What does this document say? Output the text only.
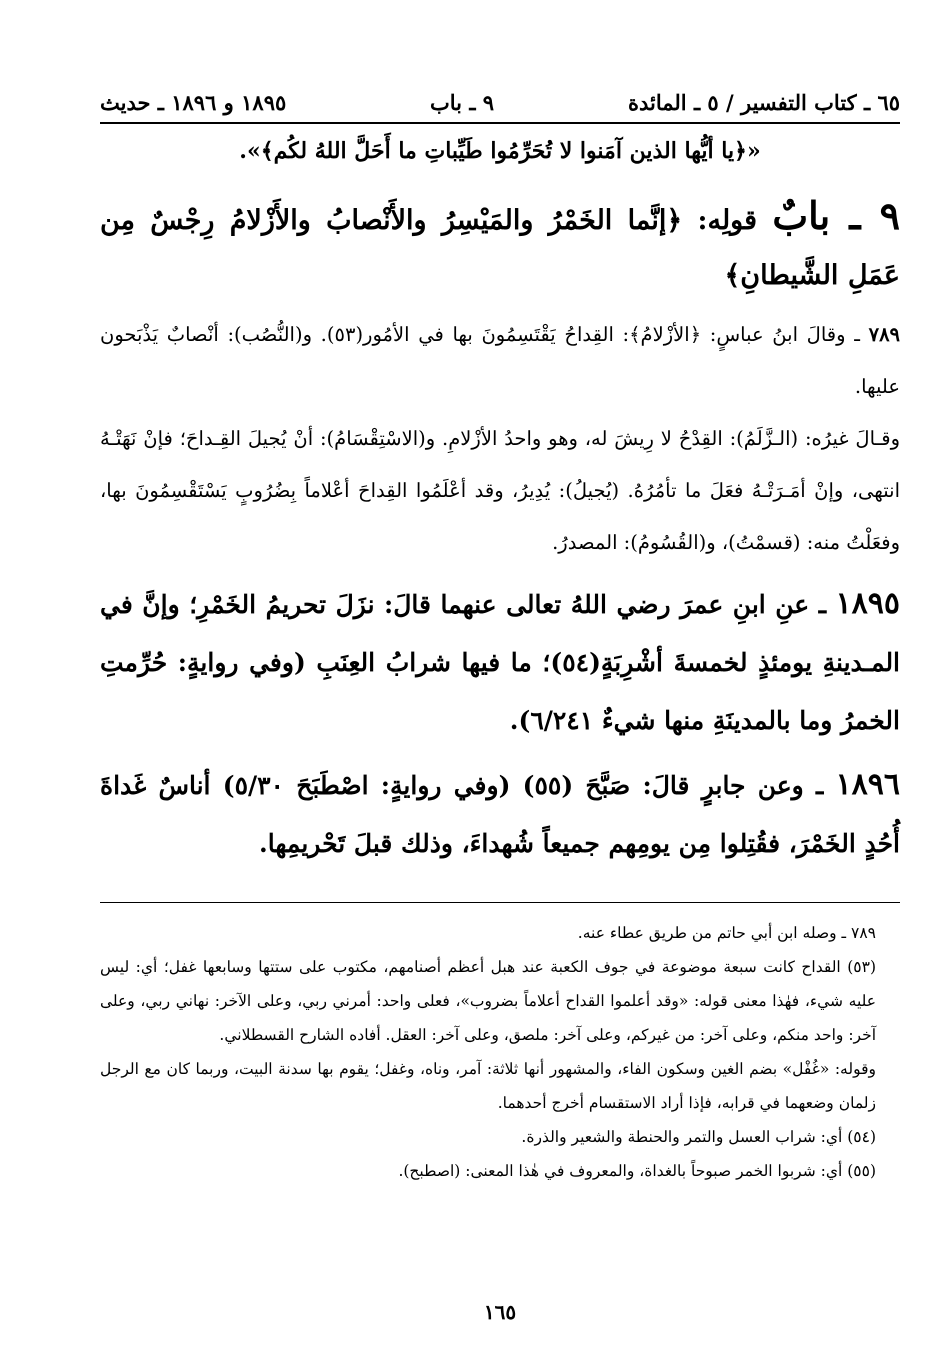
٦٥ ـ كتاب التفسير / ٥ ـ المائدة
٩ ـ باب
١٨٩٥ و ١٨٩٦ ـ حديث
«﴿يا أيُّها الذين آمَنوا لا تُحَرِّمُوا طَيِّباتِ ما أَحَلَّ اللهُ لكُم﴾».
٩ ـ بابٌ قولِه: ﴿إنَّما الخَمْرُ والمَيْسِرُ والأَنْصابُ والأَزْلامُ رِجْسٌ مِن عَمَلِ الشَّيطانِ﴾
٧٨٩ ـ وقالَ ابنُ عباسٍ: ﴿الأزْلامُ﴾: القِداحُ يَقْتَسِمُونَ بها في الأمُور(٥٣). و(النُّصُب): أنْصابٌ يَذْبَحون عليها.
وقـالَ غيرُه: (الـزَّلَمُ): القِدْحُ لا رِيشَ له، وهو واحدُ الأزْلامِ. و(الاسْتِقْسَامُ): أنْ يُجيلَ القِـداحَ؛ فإنْ نَهَتْـهُ انتهى، وإنْ أمَـرَتْـهُ فعَلَ ما تأمُرُهُ. (يُجيلُ): يُدِيرُ، وقد أعْلَمُوا القِداحَ أعْلاماً بِضُرُوبٍ يَسْتَقْسِمُونَ بها، وفعَلْتُ منه: (قسمْتُ)، و(القُسُومُ): المصدرُ.
١٨٩٥ ـ عنِ ابنِ عمرَ رضي اللهُ تعالى عنهما قالَ: نزَلَ تحريمُ الخَمْرِ؛ وإنَّ في المـدينةِ يومئذٍ لخمسةَ أشْرِبَةٍ(٥٤)؛ ما فيها شرابُ العِنَبِ (وفي روايةٍ: حُرِّمتِ الخمرُ وما بالمدينَةِ منها شيءٌ ٦/٢٤١).
١٨٩٦ ـ وعن جابرٍ قالَ: صَبَّحَ (٥٥) (وفي روايةٍ: اصْطَبَحَ ٥/٣٠) أناسٌ غَداةَ أُحُدٍ الخَمْرَ، فقُتِلوا مِن يومِهم جميعاً شُهداءَ، وذلك قبلَ تَحْريمِها.

٧٨٩ ـ وصله ابن أبي حاتم من طريق عطاء عنه.

(٥٣) القداح كانت سبعة موضوعة في جوف الكعبة عند هبل أعظم أصنامهم، مكتوب على ستتها وسابعها غفل؛ أي: ليس عليه شيء، فهٰذا معنى قوله: «وقد أعلموا القداح أعلاماً بضروب»، فعلى واحد: أمرني ربي، وعلى الآخر: نهاني ربي، وعلى آخر: واحد منكم، وعلى آخر: من غيركم، وعلى آخر: ملصق، وعلى آخر: العقل. أفاده الشارح القسطلاني.

وقوله: «غُفْل» بضم الغين وسكون الفاء، والمشهور أنها ثلاثة: آمر، وناه، وغفل؛ يقوم بها سدنة البيت، وربما كان مع الرجل زلمان وضعهما في قرابه، فإذا أراد الاستقسام أخرج أحدهما.

(٥٤) أي: شراب العسل والتمر والحنطة والشعير والذرة.

(٥٥) أي: شربوا الخمر صبوحاً بالغداة، والمعروف في هٰذا المعنى: (اصطبح).

١٦٥
